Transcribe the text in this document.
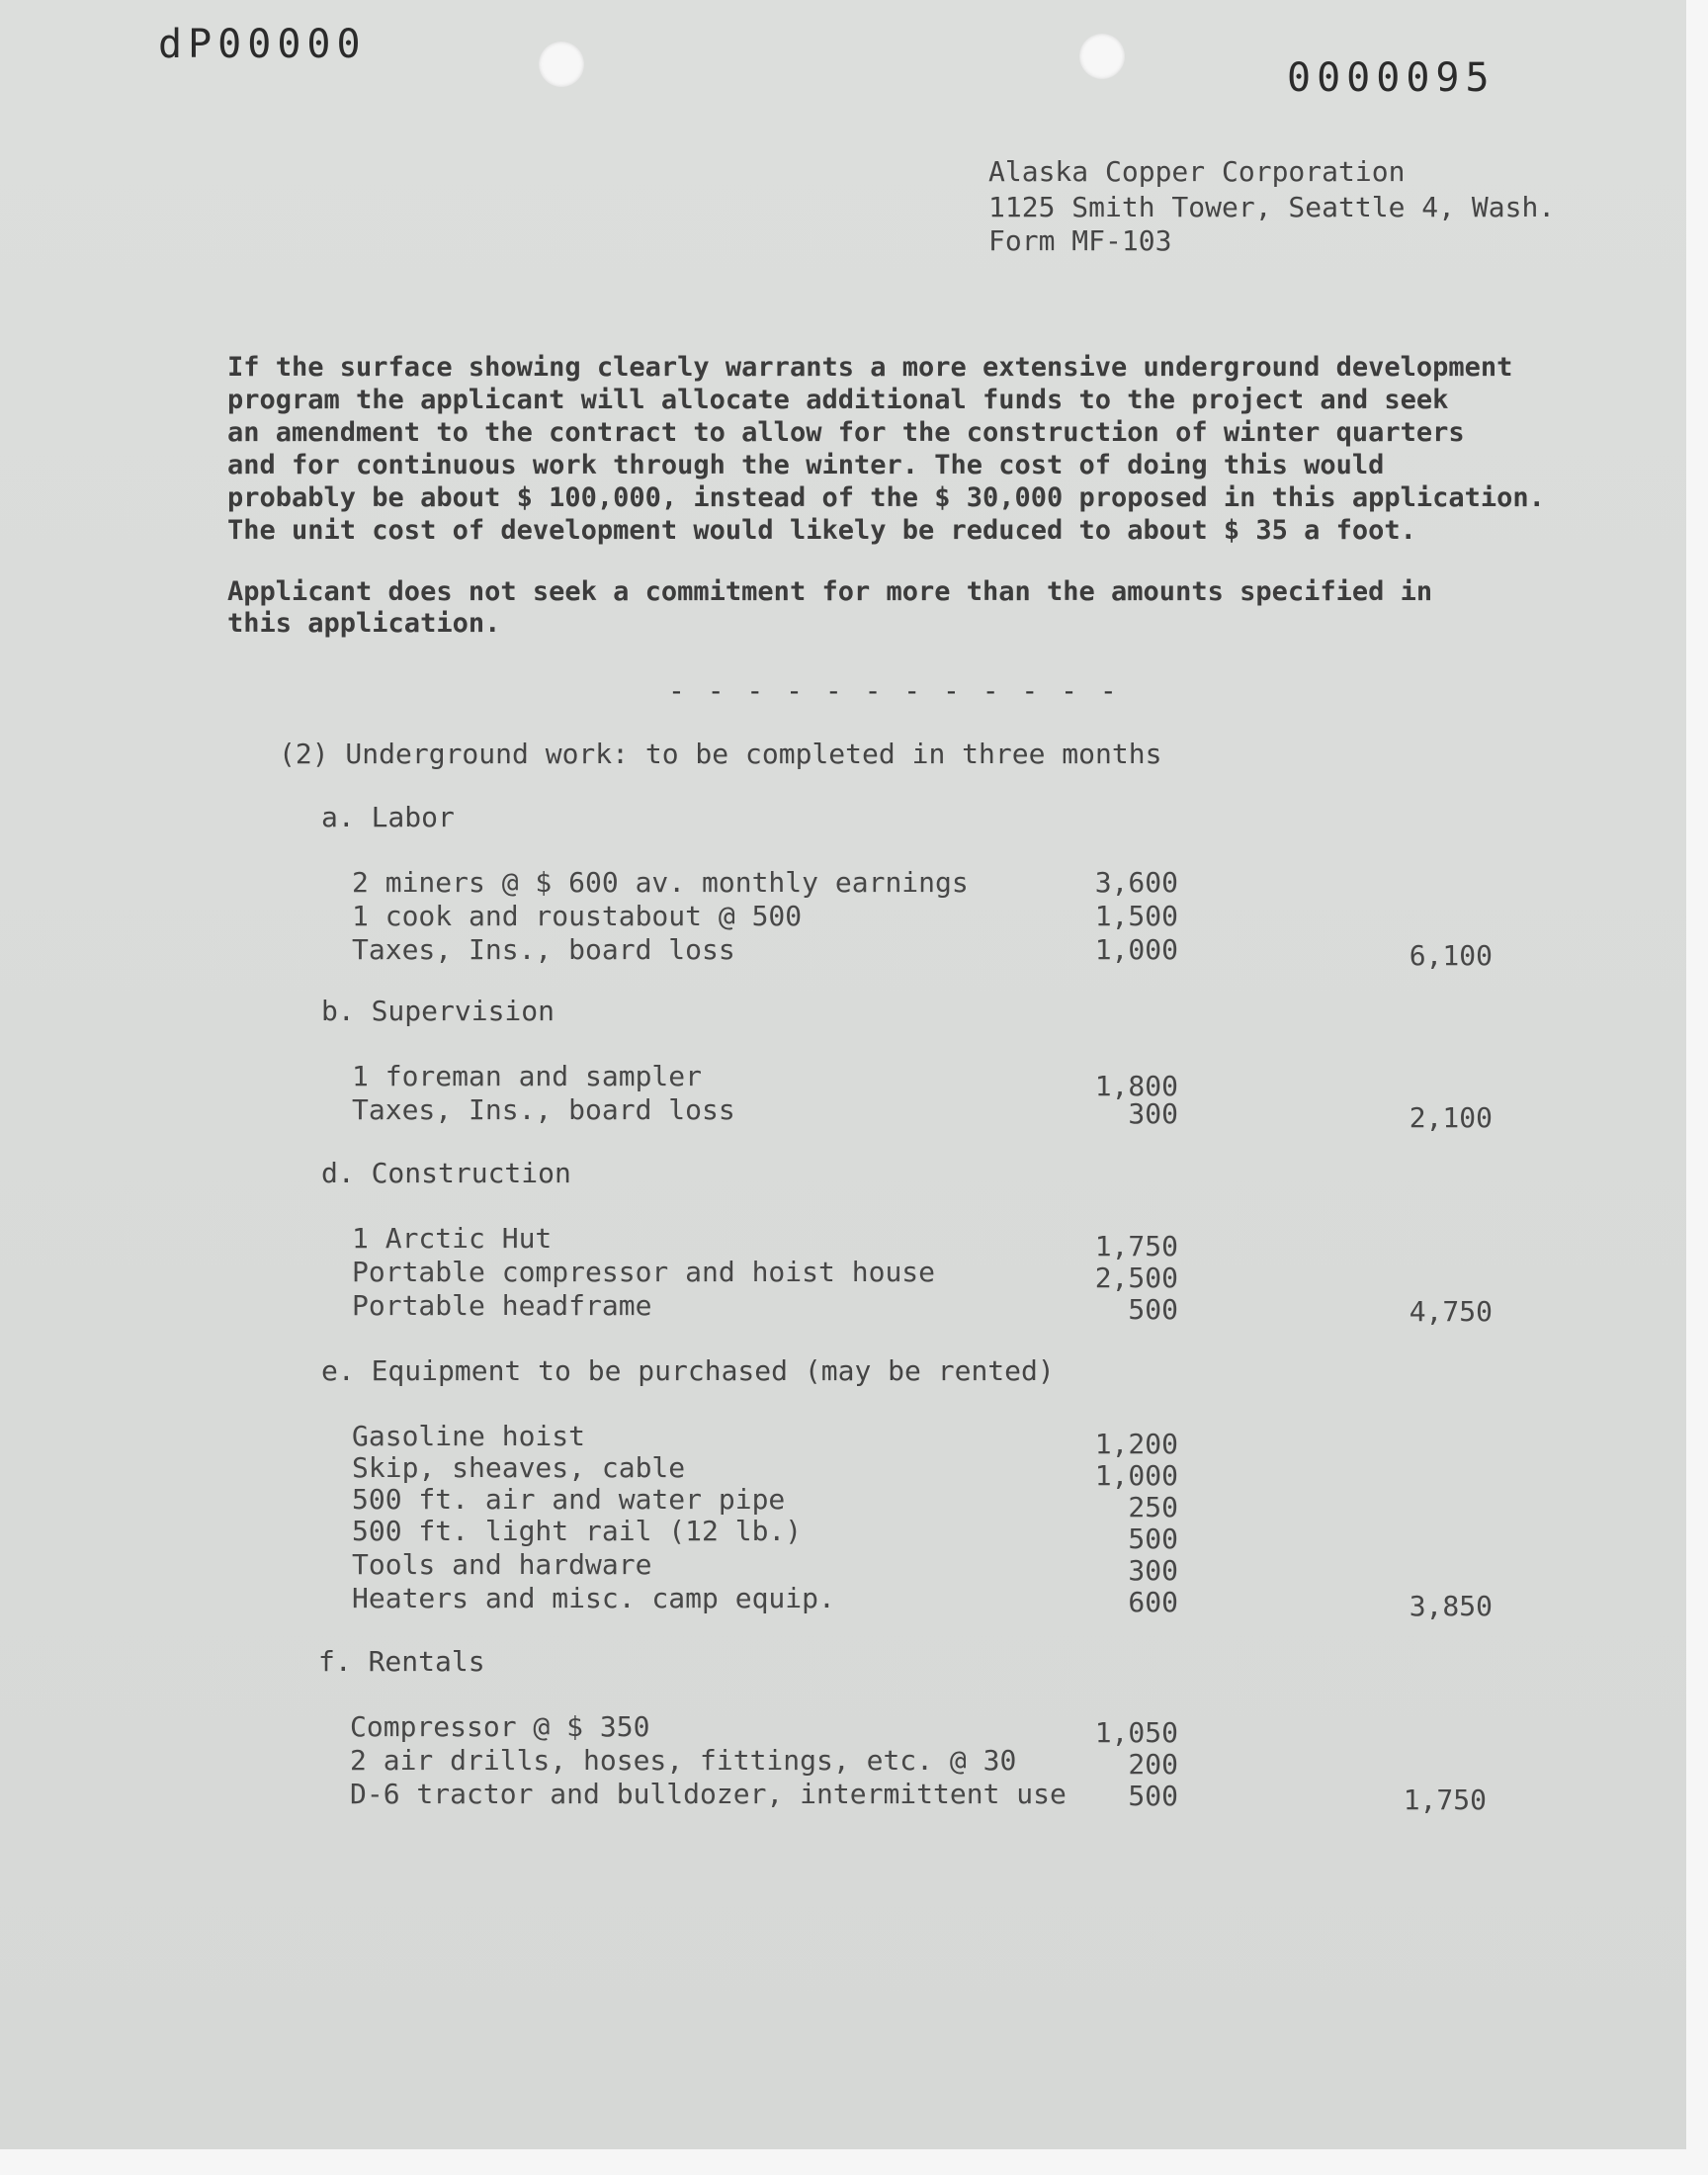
dP00000
0000095
Alaska Copper Corporation
1125 Smith Tower, Seattle 4, Wash.
Form MF-103
If the surface showing clearly warrants a more extensive underground development
program the applicant will allocate additional funds to the project and seek
an amendment to the contract to allow for the construction of winter quarters
and for continuous work through the winter. The cost of doing this would
probably be about $ 100,000, instead of the $ 30,000 proposed in this application.
The unit cost of development would likely be reduced to about $ 35 a foot.
Applicant does not seek a commitment for more than the amounts specified in
this application.
- - - - - - - - - - - -
(2) Underground work: to be completed in three months
a. Labor
2 miners @ $ 600 av. monthly earnings	3,600
1 cook and roustabout @ 500	1,500
Taxes, Ins., board loss	1,000	6,100
b. Supervision
1 foreman and sampler	1,800
Taxes, Ins., board loss	300	2,100
d. Construction
1 Arctic Hut	1,750
Portable compressor and hoist house	2,500
Portable headframe	500	4,750
e. Equipment to be purchased (may be rented)
Gasoline hoist	1,200
Skip, sheaves, cable	1,000
500 ft. air and water pipe	250
500 ft. light rail (12 lb.)	500
Tools and hardware	300
Heaters and misc. camp equip.	600	3,850
f. Rentals
Compressor @ $ 350	1,050
2 air drills, hoses, fittings, etc. @ 30	200
D-6 tractor and bulldozer, intermittent use	500	1,750
